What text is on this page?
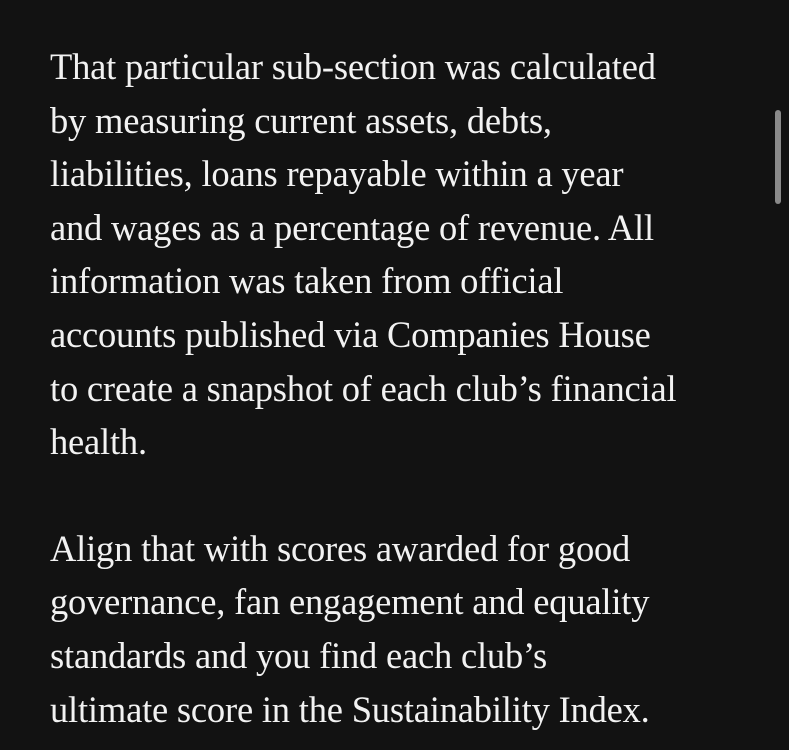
That particular sub-section was calculated
by measuring current assets, debts,
liabilities, loans repayable within a year
and wages as a percentage of revenue. All
information was taken from official
accounts published via Companies House
to create a snapshot of each club’s financial
health.

Align that with scores awarded for good
governance, fan engagement and equality
standards and you find each club’s
ultimate score in the Sustainability Index.
